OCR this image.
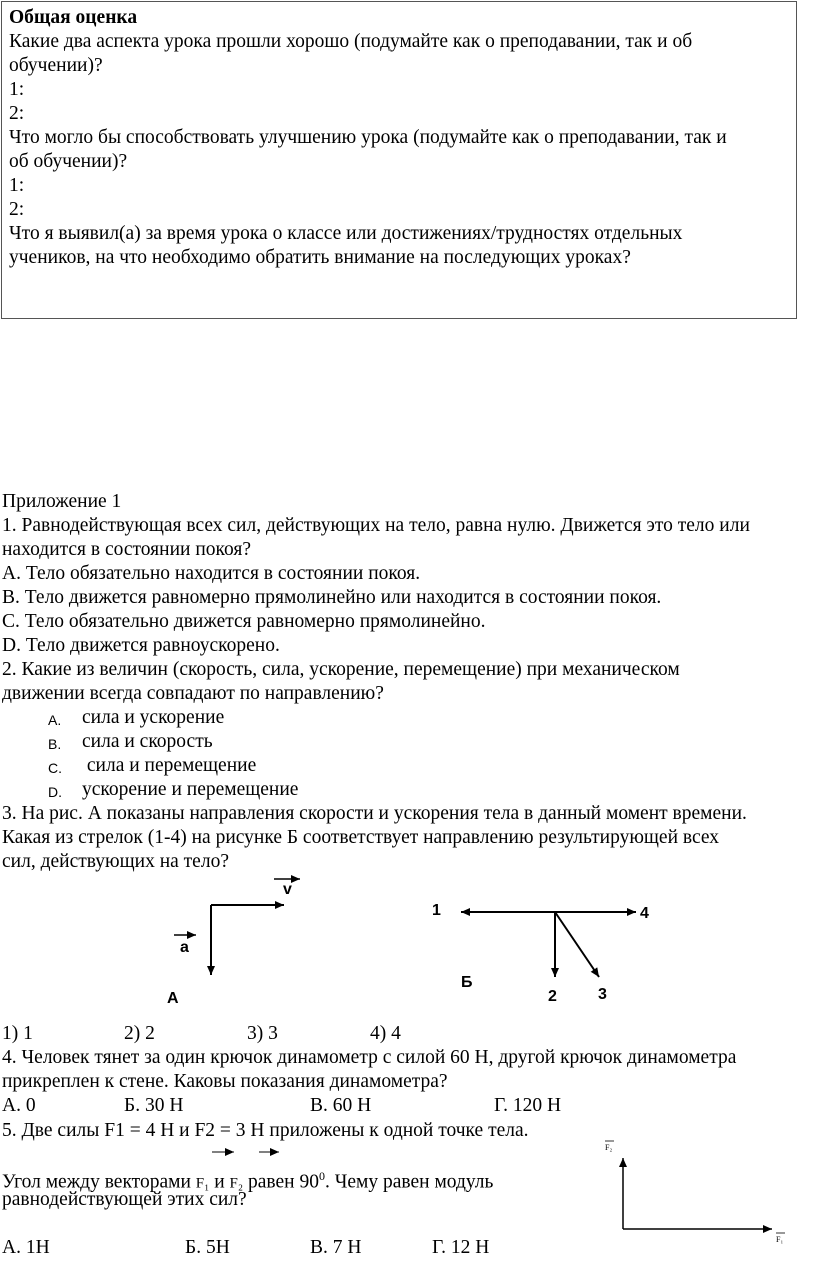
Общая оценка
Какие два аспекта урока прошли хорошо (подумайте как о преподавании, так и об
обучении)?
1:
2:
Что могло бы способствовать улучшению урока (подумайте как о преподавании, так и
об обучении)?
1:
2:
Что я выявил(а) за время урока о классе или достижениях/трудностях отдельных
учеников, на что необходимо обратить внимание на последующих уроках?
Приложение 1
1. Равнодействующая всех сил, действующих на тело, равна нулю. Движется это тело или
находится в состоянии покоя?
A. Тело обязательно находится в состоянии покоя.
B. Тело движется равномерно прямолинейно или находится в состоянии покоя.
C. Тело обязательно движется равномерно прямолинейно.
D. Тело движется равноускорено.
2. Какие из величин (скорость, сила, ускорение, перемещение) при механическом
движении всегда совпадают по направлению?
A. сила и ускорение
B. сила и скорость
C. сила и перемещение
D. ускорение и перемещение
3. На рис. А показаны направления скорости и ускорения тела в данный момент времени.
Какая из стрелок (1-4) на рисунке Б соответствует направлению результирующей всех
сил, действующих на тело?
v
a
А
1	4
2	3
Б
1) 1	2) 2	3) 3	4) 4
4. Человек тянет за один крючок динамометр с силой 60 Н, другой крючок динамометра
прикреплен к стене. Каковы показания динамометра?
А. 0	Б. 30 Н	В. 60 Н	Г. 120 Н
5. Две силы F1 = 4 Н и F2 = 3 Н приложены к одной точке тела.
Угол между векторами F₁ и F₂ равен $90^0$. Чему равен модуль
равнодействующей этих сил?
F₂
F₁
А. 1Н	Б. 5Н	В. 7 Н	Г. 12 Н
